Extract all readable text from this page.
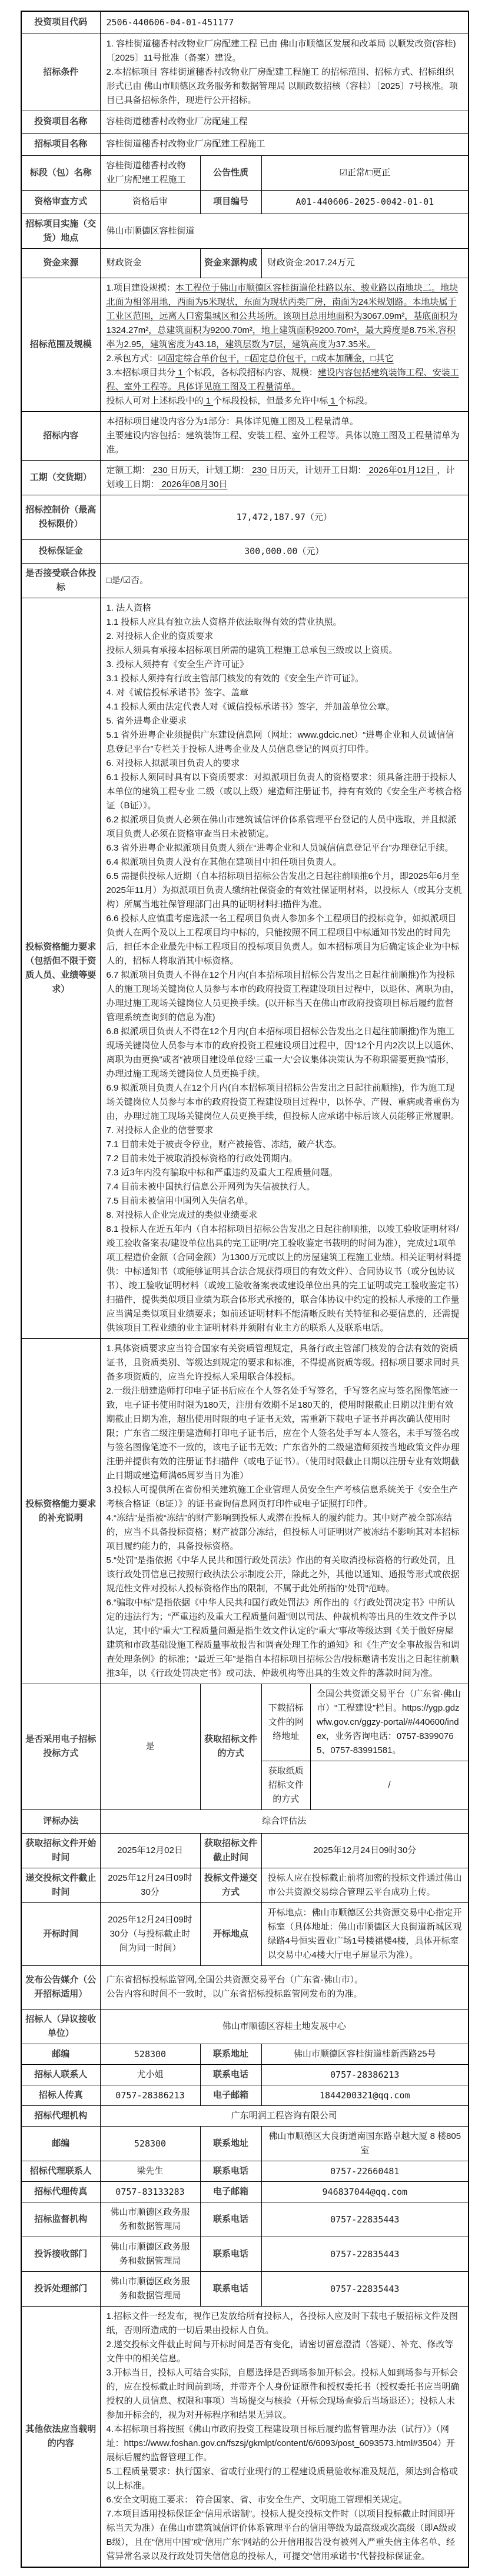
投资项目代码	2506-440606-04-01-451177
招标条件	

1. 容桂街道穗香村改物业厂房配建工程 已由 佛山市顺德区发展和改革局 以顺发改资(容桂)〔2025〕11号批准（备案）建设。

2.本招标项目 容桂街道穗香村改物业厂房配建工程施工 的招标范围、招标方式、招标组织形式已由 佛山市顺德区政务服务和数据管理局 以顺政数招核（容桂）〔2025〕7号核准。项目已具备招标条件，现进行公开招标。

投资项目名称	容桂街道穗香村改物业厂房配建工程
招标项目名称	容桂街道穗香村改物业厂房配建工程施工
标段（包）名称	容桂街道穗香村改物业厂房配建工程施工	公告性质	☑正常/□更正
资格审查方式	资格后审	项目编号	A01-440606-2025-0042-01-01
招标项目实施（交货）地点	佛山市顺德区容桂街道
资金来源	财政资金	资金来源构成	财政资金:2017.24万元
招标范围及规模	

1.项目建设规模：本工程位于佛山市顺德区容桂街道伦桂路以东、骏业路以南地块二。地块北面为相邻用地，西面为5米现状，东面为现状丙类厂房，南面为24米规划路。本地块属于工业区范围，远离人口密集城区和公共场所。该项目总用地面积为3067.09m²，基底面积为1324.27m²，总建筑面积为9200.70m²，地上建筑面积9200.70m²，最大跨度是8.75米,容积率为2.95，建筑密度为43.18，建筑层数为7层，建筑高度为37.35米。

2.承包方式：☑固定综合单价包干，□固定总价包干，□成本加酬金，□其它

3.本招标项目共分 1 个标段，各标段招标内容、规模：建设内容包括建筑装饰工程、安装工程、室外工程等。具体详见施工图及工程量清单。

投标人可对上述标段中的 1 个标段投标，但最多允许中标 1 个标段。

招标内容	

本招标项目建设内容分为1部分：具体详见施工图及工程量清单。

主要建设内容包括：建筑装饰工程、安装工程、室外工程等。具体以施工图及工程量清单为准。

工期（交货期）	

定额工期： 230 日历天，计划工期： 230 日历天，计划开工日期： 2026年01月12日 ，计划竣工日期： 2026年08月30日

招标控制价（最高投标限价）	17,472,187.97（元）
投标保证金	300,000.00（元）
是否接受联合体投标	□是/☑否。
投标资格能力要求（包括但不限于资质人员、业绩等要求）	

1. 法人资格

1.1 投标人应具有独立法人资格并依法取得有效的营业执照。

2. 对投标人企业的资质要求

投标人须具有承接本招标项目所需的建筑工程施工总承包三级或以上资质。

3. 投标人须持有《安全生产许可证》

3.1 投标人须持有行政主管部门核发的有效的《安全生产许可证》。

4. 对《诚信投标承诺书》签字、盖章

4.1 投标人须由法定代表人对《诚信投标承诺书》签字，并加盖单位公章。

5. 省外进粤企业要求

5.1 省外进粤企业须提供广东建设信息网（网址：www.gdcic.net）“进粤企业和人员诚信信息登记平台”专栏关于投标人进粤企业及人员信息登记的网页打印件。

6. 对投标人拟派项目负责人的要求

6.1 投标人须同时具有以下资质要求：对拟派项目负责人的资格要求：须具备注册于投标人本单位的建筑工程专业 二级（或以上级）建造师注册证书，持有有效的《安全生产考核合格证（B证）》。

6.2 拟派项目负责人必须在佛山市建筑诚信评价体系管理平台登记的人员中选取，并且拟派项目负责人必须在资格审查当日未被锁定。

6.3 省外进粤企业拟派项目负责人须在“进粤企业和人员诚信信息登记平台”办理登记手续。

6.4 拟派项目负责人没有在其他在建项目中担任项目负责人。

6.5 需提供投标人近期（自本招标项目招标公告发出之日起往前顺推6个月，即2025年6月至2025年11月）为拟派项目负责人缴纳社保资金的有效社保证明材料，以投标人（或其分支机构）所属当地社保管理部门出具的证明材料扫描件为准。

6.6 投标人应慎重考虑选派一名工程项目负责人参加多个工程项目的投标竞争，如拟派项目负责人在两个及以上工程项目均中标的，只能按照不同工程项目中标通知书发出的时间先后，担任本企业最先中标工程项目的投标项目负责人。如本招标项目为后确定该企业为中标人的，招标人将取消其中标资格。

6.7 拟派项目负责人不得在12个月内(自本招标项目招标公告发出之日起往前顺推)作为投标人的施工现场关键岗位人员参与本市的政府投资工程建设项目过程中，以退休、离职为由，办理过施工现场关键岗位人员更换手续。(以开标当天在佛山市政府投资项目标后履约监督管理系统查询到的信息为准)

6.8 拟派项目负责人不得在12个月内(自本招标项目招标公告发出之日起往前顺推)作为施工现场关键岗位人员参与本市的政府投资工程建设项目过程中，因“12个月内2次以上以退休、离职为由更换”或者“被项目建设单位经‘三重一大’会议集体决策认为不称职需要更换”情形，办理过施工现场关键岗位人员更换手续。

6.9 拟派项目负责人在12个月内(自本招标项目招标公告发出之日起往前顺推)，作为施工现场关键岗位人员参与本市的政府投资工程建设项目过程中，以怀孕、产假、重病或者重伤为由，办理过施工现场关键岗位人员更换手续，但投标人应承诺中标后该人员能够正常履职。

7. 对投标人企业的信誉要求

7.1 目前未处于被责令停业，财产被接管、冻结，破产状态。

7.2 目前未处于被取消投标资格的行政处罚期内。

7.3 近3年内没有骗取中标和严重违约及重大工程质量问题。

7.4 目前未被中国执行信息公开网列为失信被执行人。

7.5 目前未被信用中国列入失信名单。

8. 对投标人企业完成过的类似业绩要求

8.1 投标人在近五年内（自本招标项目招标公告发出之日起往前顺推，以竣工验收证明材料/竣工验收备案表/建设单位出具的完工证明/完工验收鉴定书载明的时间为准），完成过1项单项工程造价金额（合同金额）为1300万元或以上的房屋建筑工程施工业绩。相关证明材料提供：中标通知书（或能够证明其合法合规获得项目的有效文件）、合同协议书（或分包协议书）、竣工验收证明材料（或竣工验收备案表或建设单位出具的完工证明或完工验收鉴定书）扫描件，提供类似项目业绩为联合体形式承接的，联合体协议中约定的投标人承接的工作量应当满足类似项目业绩要求；如前述证明材料不能清晰反映有关特征和必要信息的，还需提供该项目工程业绩的业主证明材料并须附有业主方的联系人及联系电话。

投标资格能力要求的补充说明	

1.具体资质要求应当符合国家有关资质管理规定，具备行政主管部门核发的合法有效的资质证书，且资质类别、等级达到规定的要求和标准，不得提高资质等级。招标项目要求同时具备多项资质的，应当允许投标人采用联合体投标。

2.一级注册建造师打印电子证书后应在个人签名处手写签名，手写签名应与签名图像笔迹一致，电子证书使用时限为180天，注册有效期不足180天的，使用时限截止日期以注册有效期截止日期为准，超出使用时限的电子证书无效，需重新下载电子证书并再次确认使用时限；广东省二级注册建造师打印电子证书后，应在个人签名处手写本人签名，未手写签名或与签名图像笔迹不一致的，该电子证书无效；广东省外的二级建造师须按当地政策文件办理注册并提供有效的注册证书扫描件（或电子证书）。（使用时限截止日期以注册专业有效期截止日期或建造师满65周岁当日为准）

3.投标人可提供所在省份相关建筑施工企业管理人员安全生产考核信息系统关于《安全生产考核合格证（B证）》的证书查询信息网页打印件或电子证照打印件。

4.“冻结”是指被“冻结”的财产影响到投标人或潜在投标人的履约能力。其中财产被全部冻结的，应当不具备投标资格；财产被部分冻结，但投标人可证明财产被冻结不影响其对本招标项目履约能力的，具备投标资格。

5.“处罚”是指依据《中华人民共和国行政处罚法》作出的有关取消投标资格的行政处罚，且该行政处罚信息已按照行政执法公示制度公开，除此之外，其他以通知、通报等形式或依据规范性文件对投标人投标资格作出的限制，不属于此处所指的“处罚”范畴。

6.“骗取中标”是指依据《中华人民共和国行政处罚法》所作出的《行政处罚决定书》中所认定的违法行为；“严重违约及重大工程质量问题”则以司法、仲裁机构等出具的生效文件予以认定，其中的“重大”工程质量问题是指生效文件认定的“重大”事故等级达到《关于做好房屋建筑和市政基础设施工程质量事故报告和调查处理工作的通知》和《生产安全事故报告和调查处理条例》的标准；“最近三年”是指自本招标项目招标公告/投标邀请书发出之日起往前顺推3年，以《行政处罚决定书》或司法、仲裁机构等出具的生效文件的落款时间为准。

是否采用电子招标投标方式	是	获取招标文件的方式	
下载招标文件的网络地址	全国公共资源交易平台（广东省·佛山市）“工程建设”栏目。https://ygp.gdzwfw.gov.cn/ggzy-portal/#/440600/index，业务咨询电话：0757-83990765、0757-83991581。
获取纸质招标文件的方式	/

评标办法	综合评估法
获取招标文件开始时间	2025年12月02日	获取招标文件截止时间	2025年12月24日09时30分
递交投标文件截止时间	2025年12月24日09时30分	投标文件递交方式	投标人应在投标截止前将加密的投标文件通过佛山市公共资源交易综合管理云平台成功上传。
开标时间	2025年12月24日09时30分（与投标截止时间为同一时间）	开标地点	开标地点：佛山市顺德区公共资源交易中心指定开标室（具体地址：佛山市顺德区大良街道新城区观绿路4号恒实置业广场1号楼裙楼4楼，具体开标室以交易中心4楼大厅电子屏显示为准）。
发布公告媒介（公开招标适用）	

广东省招标投标监管网,全国公共资源交易平台（广东省·佛山市）。

公告内容和时间不一致时，以广东省招标投标监管网发布的为准。

招标人（异议接收单位）	佛山市顺德区容桂土地发展中心
邮编	528300	联系地址	佛山市顺德区容桂街道桂新西路25号
招标人联系人	尤小姐	联系电话	0757-28386213
招标人传真	0757-28386213	电子邮箱	1844200321@qq.com
招标代理机构	广东明润工程咨询有限公司
邮编	528300	联系地址	佛山市顺德区大良街道南国东路卓越大厦 8 楼805 室
招标代理联系人	梁先生	联系电话	0757-22660481
招标代理传真	0757-83133283	电子邮箱	946837044@qq.com
招标监督机构	佛山市顺德区政务服务和数据管理局	联系电话	0757-22835443
投诉接收部门	佛山市顺德区政务服务和数据管理局	联系电话	0757-22835443
投诉处理部门	佛山市顺德区政务服务和数据管理局	联系电话	0757-22835443
其他依法应当载明的内容	

1.招标文件一经发布，视作已发放给所有投标人，各投标人应及时下载电子版招标文件及图纸，否则所造成的一切后果由投标人自负。

2.递交投标文件截止时间与开标时间是否有变化，请密切留意澄清（答疑）、补充、修改等文件中的相关信息。

3.开标当日，投标人可结合实际，自愿选择是否到场参加开标会。投标人如到场参与开标会的，应在投标截止时间前到场，并带齐个人身份证原件和授权委托书（授权委托书应当明确授权的人员信息、权限和事项）当场提交与核验（开标会现场查验后当场退还）；投标人未参加开标会的，视为对开标程序和结果无异议。

4.本招标项目将按照《佛山市政府投资工程建设项目标后履约监督管理办法（试行）》（网址：https://www.foshan.gov.cn/fszsj/gkmlpt/content/6/6093/post_6093573.html#3504）开展标后履约监督管理工作。

5.工程质量要求：执行国家、省或行业现行的工程建设质量验收标准及规范，须达到合格或以上标准。

6.安全文明施工要求： 符合国家、省、市安全生产、文明施工管理相关规定。

7.本项目适用投标保证金“信用承诺制”。投标人提交投标文件时（以项目投标截止时间即开标当天为准）在佛山市建筑诚信评价体系管理平台的信用等级为最高级或次高级（即A级或B级），且在“信用中国”或“信用广东”网站的公开信用报告没有被列入严重失信主体名单、经营异常名录以及行政处罚失信信息的投标人，可提交“信用承诺书”代替投标保证金。
